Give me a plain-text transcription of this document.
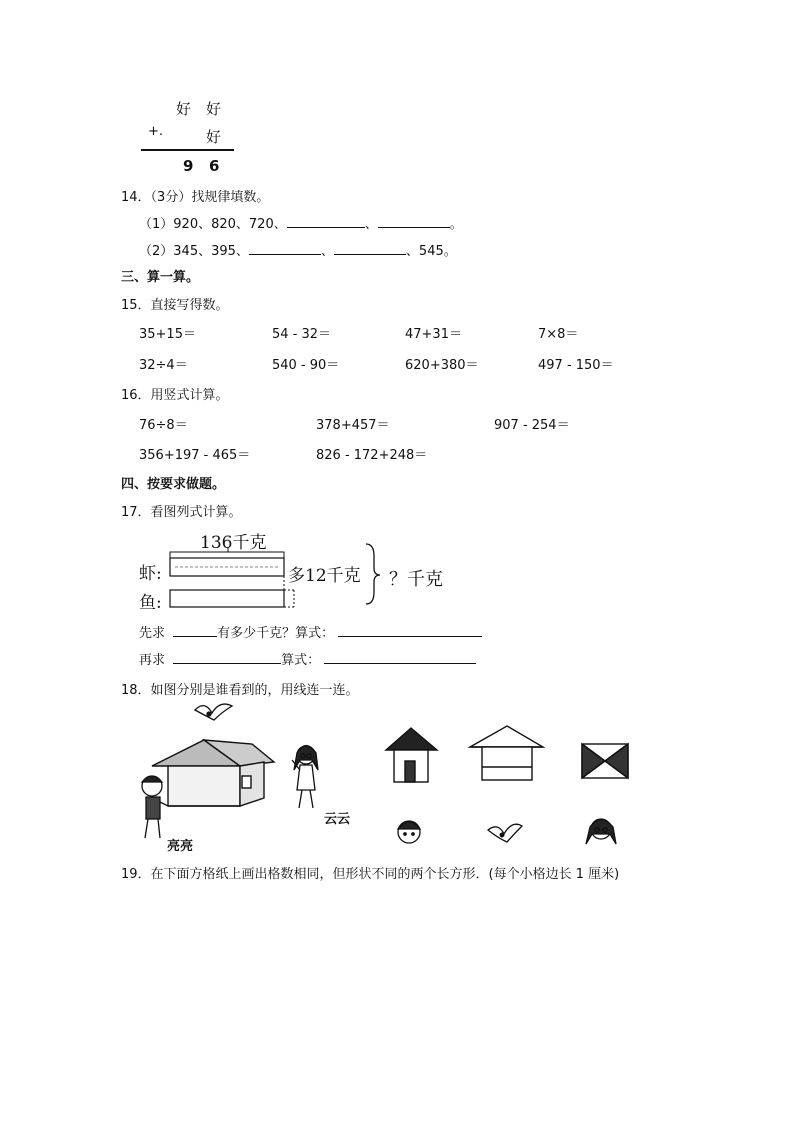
好 好
+.	好
9 6
14．（3分）找规律填数。
（1）920、820、720、	、	。
（2）345、395、	、	、545。
三、算一算。
15．直接写得数。
35+15＝	54 - 32＝	47+31＝	7×8＝
32÷4＝	540 - 90＝	620+380＝	497 - 150＝
16．用竖式计算。
76÷8＝	378+457＝	907 - 254＝
356+197 - 465＝	826 - 172+248＝
四、按要求做题。
17．看图列式计算。
136千克
虾:
鱼:
多12千克 ？千克
先求	有多少千克？算式：
再求	算式：
18．如图分别是谁看到的，用线连一连。
亮亮
云云
19．在下面方格纸上画出格数相同，但形状不同的两个长方形．(每个小格边长 1 厘米)
